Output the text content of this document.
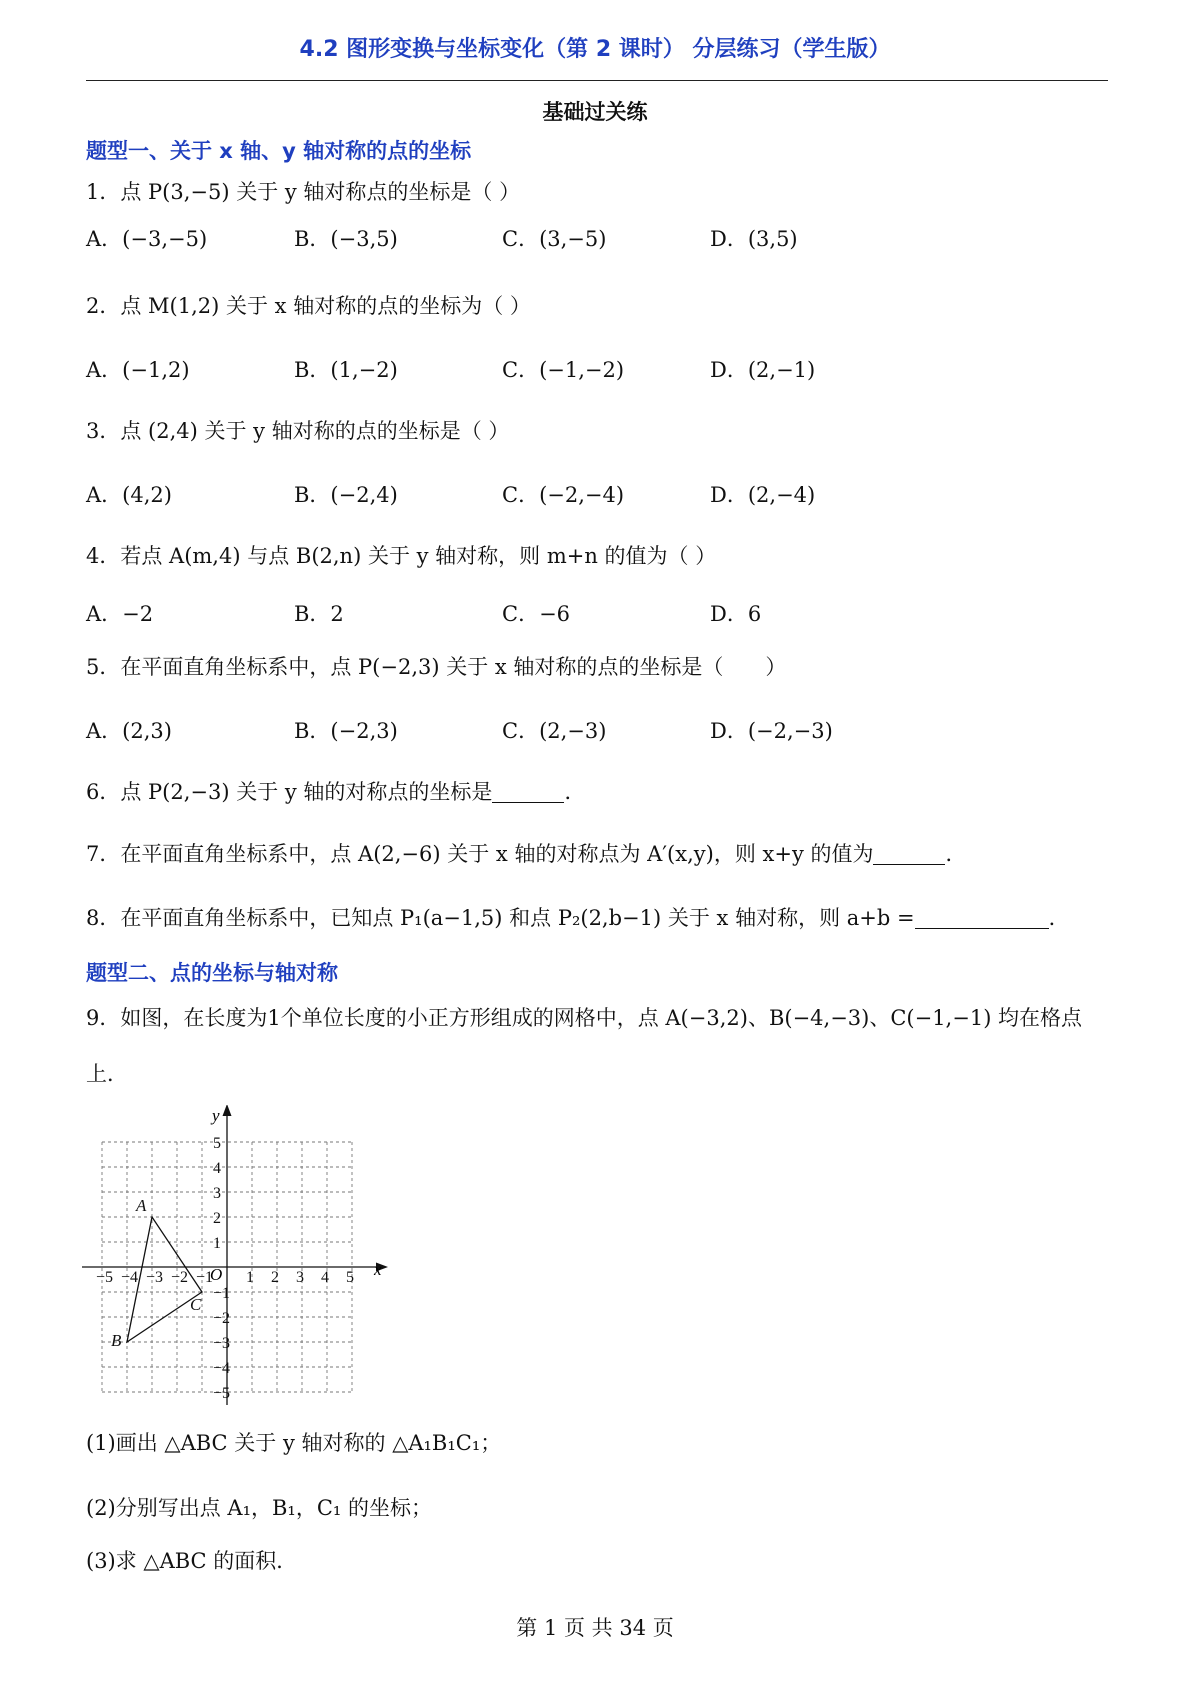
4.2 图形变换与坐标变化（第 2 课时） 分层练习（学生版）
基础过关练
题型一、关于 x 轴、y 轴对称的点的坐标
1．点 P(3,−5) 关于 y 轴对称点的坐标是（ ）
A．(−3,−5)	B．(−3,5)	C．(3,−5)	D．(3,5)
2．点 M(1,2) 关于 x 轴对称的点的坐标为（ ）
A．(−1,2)	B．(1,−2)	C．(−1,−2)	D．(2,−1)
3．点 (2,4) 关于 y 轴对称的点的坐标是（ ）
A．(4,2)	B．(−2,4)	C．(−2,−4)	D．(2,−4)
4．若点 A(m,4) 与点 B(2,n) 关于 y 轴对称，则 m+n 的值为（ ）
A．−2	B．2	C．−6	D．6
5．在平面直角坐标系中，点 P(−2,3) 关于 x 轴对称的点的坐标是（　　）
A．(2,3)	B．(−2,3)	C．(2,−3)	D．(−2,−3)
6．点 P(2,−3) 关于 y 轴的对称点的坐标是	．
7．在平面直角坐标系中，点 A(2,−6) 关于 x 轴的对称点为 A′(x,y)，则 x+y 的值为	．
8．在平面直角坐标系中，已知点 P₁(a−1,5) 和点 P₂(2,b−1) 关于 x 轴对称，则 a+b =	．
题型二、点的坐标与轴对称
9．如图，在长度为1个单位长度的小正方形组成的网格中，点 A(−3,2)、B(−4,−3)、C(−1,−1) 均在格点上．
−5 −4 −3 −2 −1 1 2 3 4 5
5
4
3
2
1
−1
−2
−3
−4
−5
x
y
O
A
B
C
(1)画出 △ABC 关于 y 轴对称的 △A₁B₁C₁；
(2)分别写出点 A₁，B₁，C₁ 的坐标；
(3)求 △ABC 的面积．
第 1 页 共 34 页
